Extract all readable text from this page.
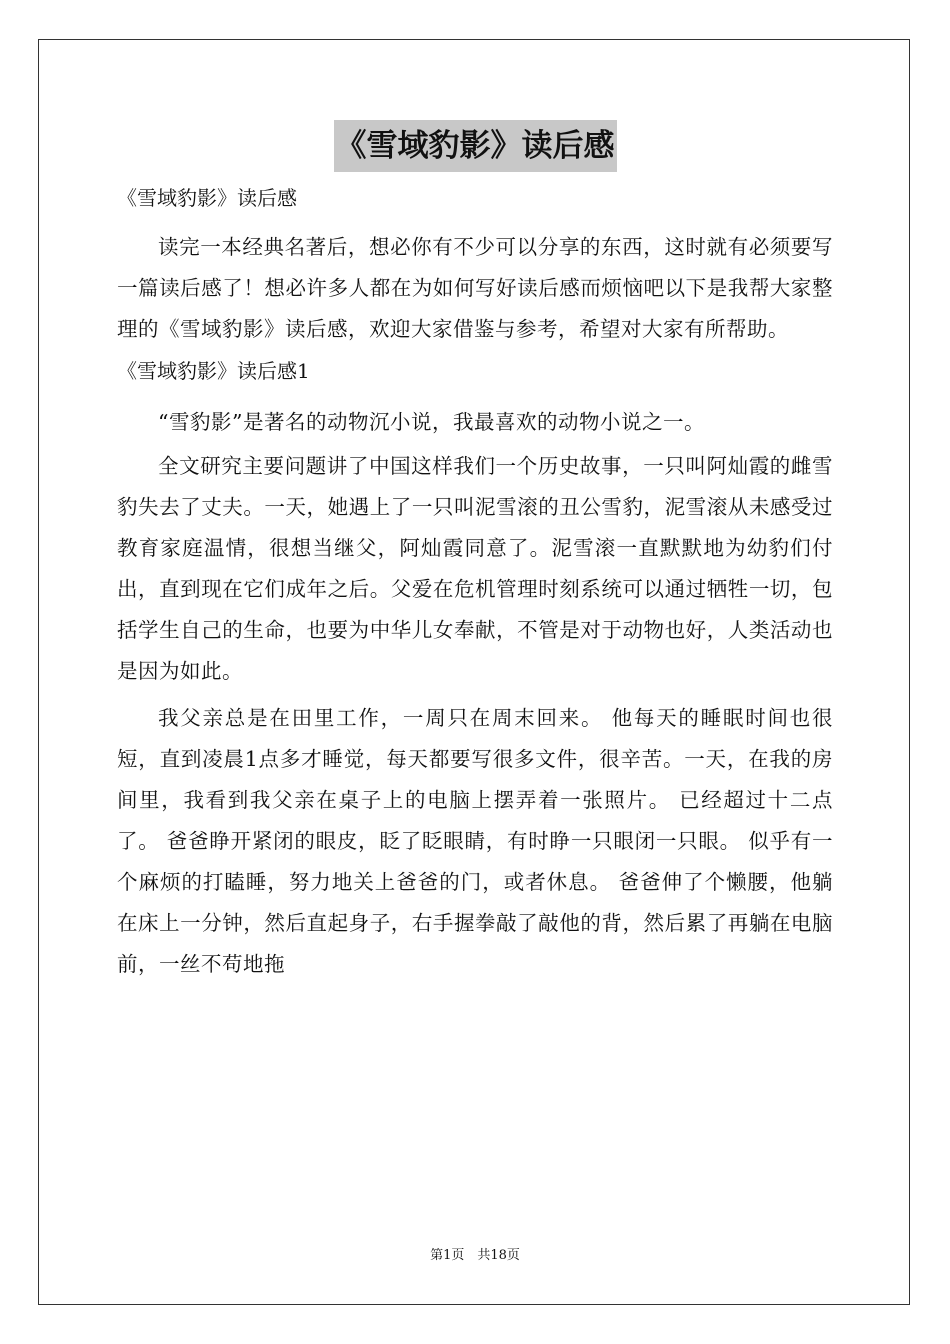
《雪域豹影》读后感

《雪域豹影》读后感

读完一本经典名著后，想必你有不少可以分享的东西，这时就有必须要写一篇读后感了！想必许多人都在为如何写好读后感而烦恼吧以下是我帮大家整理的《雪域豹影》读后感，欢迎大家借鉴与参考，希望对大家有所帮助。

《雪域豹影》读后感1

“雪豹影”是著名的动物沉小说，我最喜欢的动物小说之一。

全文研究主要问题讲了中国这样我们一个历史故事，一只叫阿灿霞的雌雪豹失去了丈夫。一天，她遇上了一只叫泥雪滚的丑公雪豹，泥雪滚从未感受过教育家庭温情，很想当继父，阿灿霞同意了。泥雪滚一直默默地为幼豹们付出，直到现在它们成年之后。父爱在危机管理时刻系统可以通过牺牲一切，包括学生自己的生命，也要为中华儿女奉献，不管是对于动物也好，人类活动也是因为如此。

我父亲总是在田里工作，一周只在周末回来。 他每天的睡眠时间也很短，直到凌晨1点多才睡觉，每天都要写很多文件，很辛苦。一天，在我的房间里，我看到我父亲在桌子上的电脑上摆弄着一张照片。 已经超过十二点了。 爸爸睁开紧闭的眼皮，眨了眨眼睛，有时睁一只眼闭一只眼。 似乎有一个麻烦的打瞌睡，努力地关上爸爸的门，或者休息。 爸爸伸了个懒腰，他躺在床上一分钟，然后直起身子，右手握拳敲了敲他的背，然后累了再躺在电脑前，一丝不苟地拖

第1页　共18页
